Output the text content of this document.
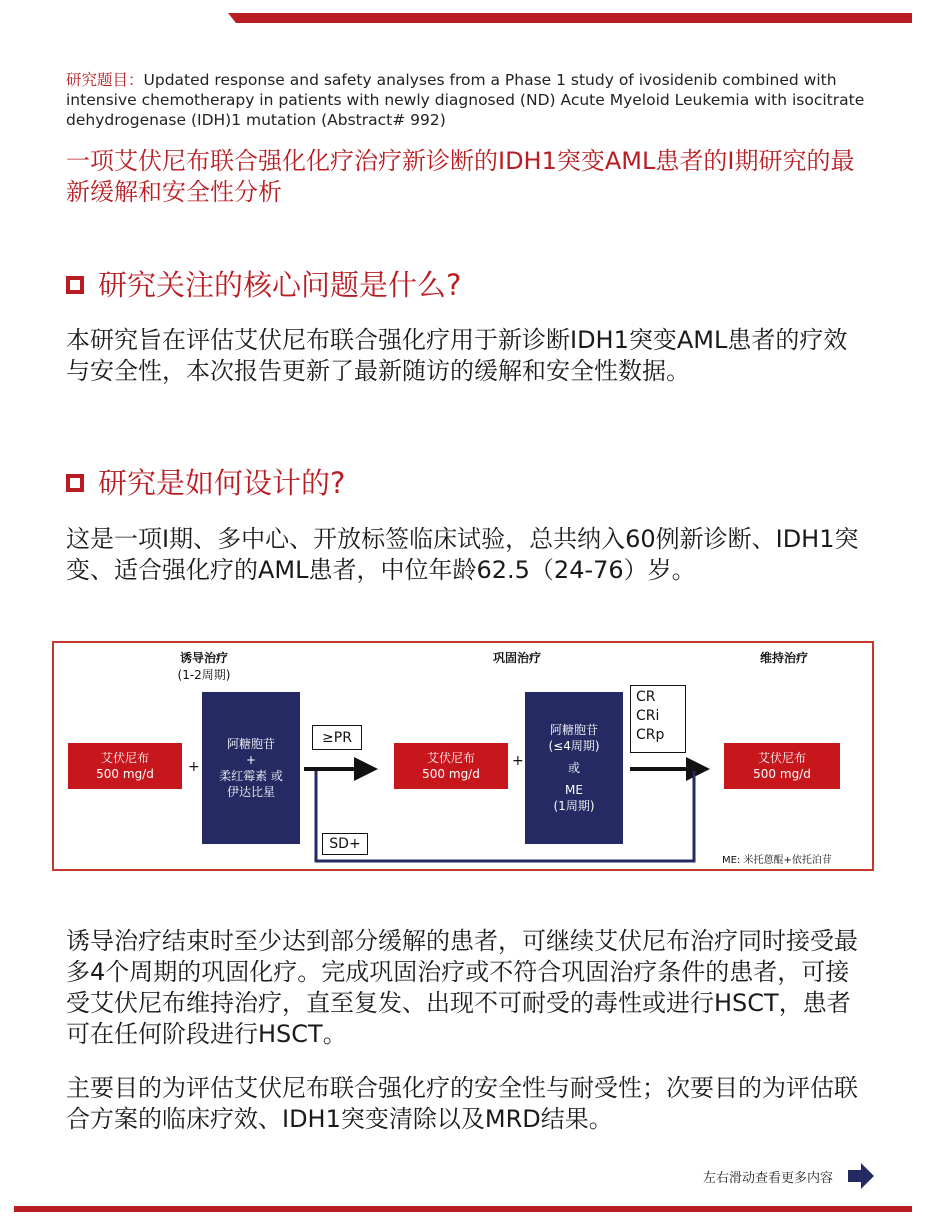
研究题目：Updated response and safety analyses from a Phase 1 study of ivosidenib combined with intensive chemotherapy in patients with newly diagnosed (ND) Acute Myeloid Leukemia with isocitrate dehydrogenase (IDH)1 mutation (Abstract# 992)
一项艾伏尼布联合强化化疗治疗新诊断的IDH1突变AML患者的I期研究的最新缓解和安全性分析
研究关注的核心问题是什么?
本研究旨在评估艾伏尼布联合强化疗用于新诊断IDH1突变AML患者的疗效与安全性，本次报告更新了最新随访的缓解和安全性数据。
研究是如何设计的?
这是一项I期、多中心、开放标签临床试验，总共纳入60例新诊断、IDH1突变、适合强化疗的AML患者，中位年龄62.5（24-76）岁。
诱导治疗
(1-2周期)
巩固治疗	维持治疗
艾伏尼布
500 mg/d +
阿糖胞苷
+
柔红霉素 或
伊达比星
≥PR
SD+
艾伏尼布
500 mg/d
+
阿糖胞苷
(≤4周期)
或
ME
(1周期)
CR
CRi
CRp
艾伏尼布
500 mg/d
ME: 米托蒽醌+依托泊苷
诱导治疗结束时至少达到部分缓解的患者，可继续艾伏尼布治疗同时接受最多4个周期的巩固化疗。完成巩固治疗或不符合巩固治疗条件的患者，可接受艾伏尼布维持治疗，直至复发、出现不可耐受的毒性或进行HSCT，患者可在任何阶段进行HSCT。
主要目的为评估艾伏尼布联合强化疗的安全性与耐受性；次要目的为评估联合方案的临床疗效、IDH1突变清除以及MRD结果。
左右滑动查看更多内容
